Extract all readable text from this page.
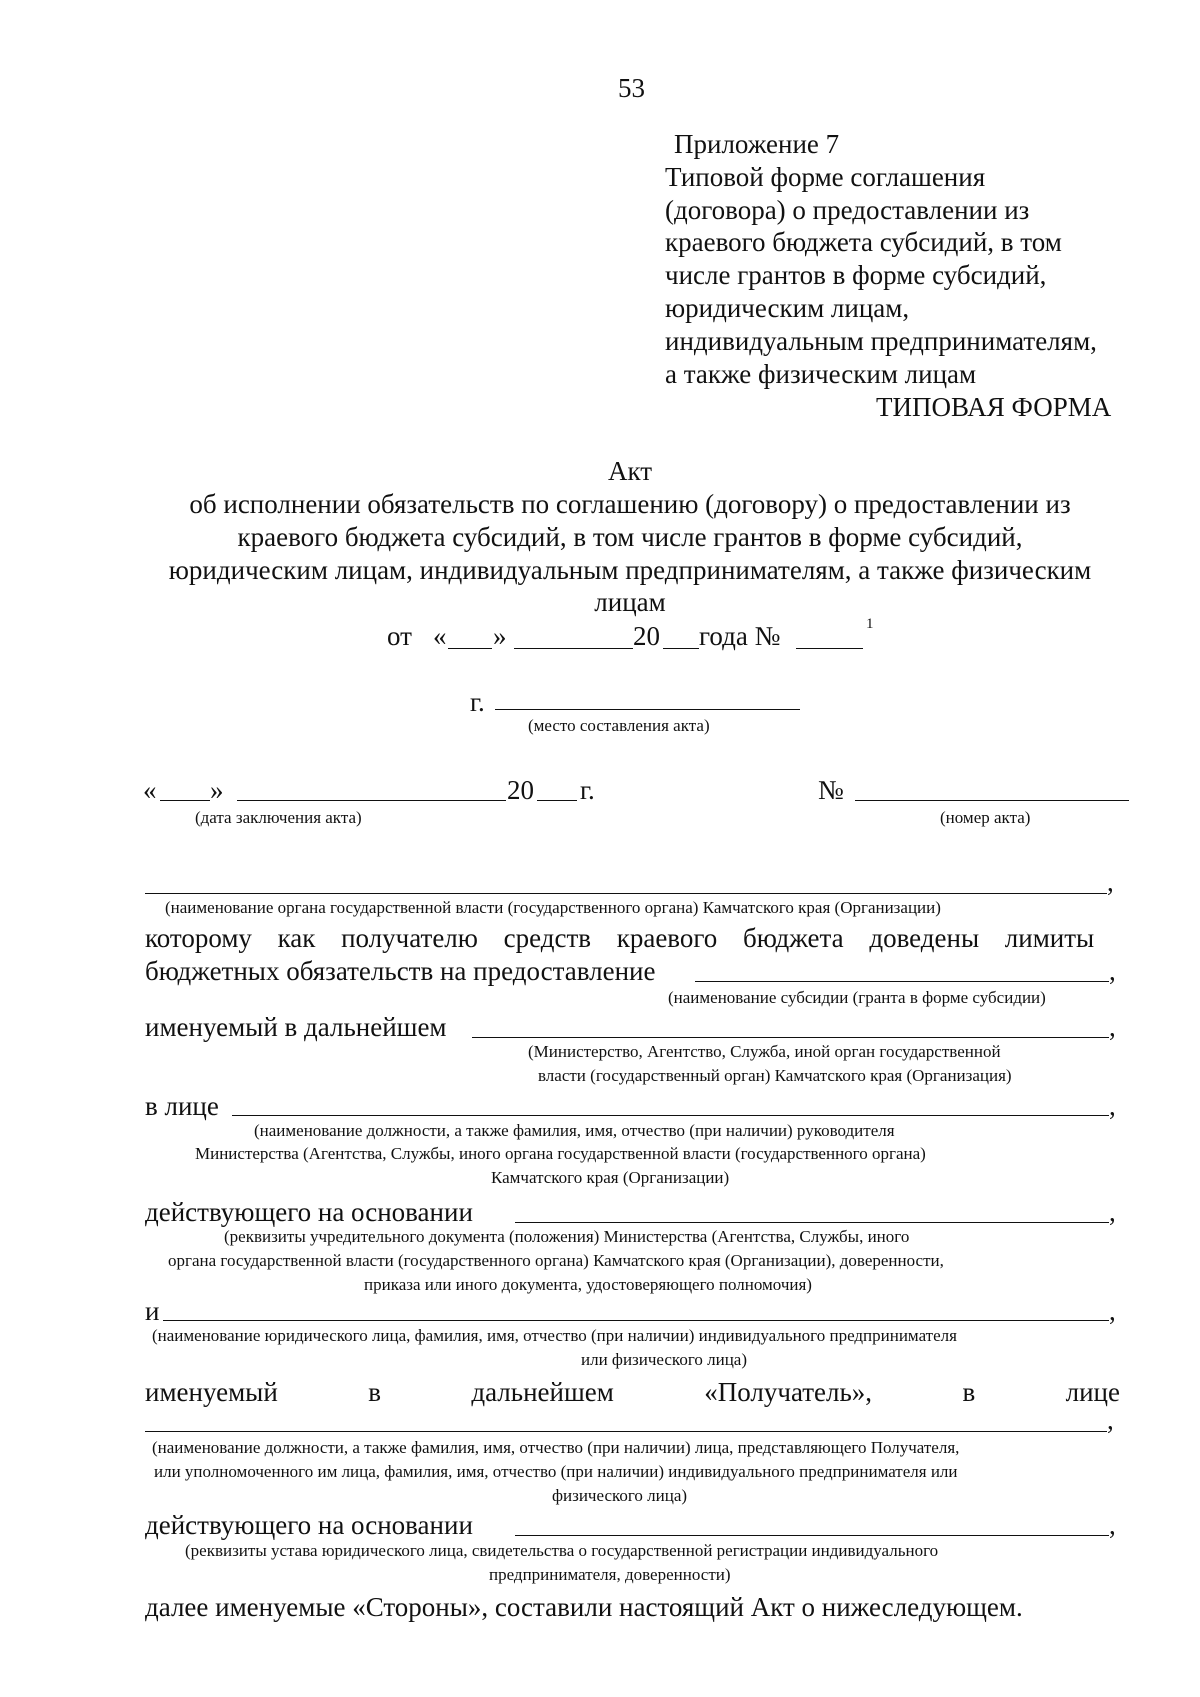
53
Приложение 7
Типовой форме соглашения
(договора) о предоставлении из
краевого бюджета субсидий, в том
числе грантов в форме субсидий,
юридическим лицам,
индивидуальным предпринимателям,
а также физическим лицам
ТИПОВАЯ ФОРМА
Акт
об исполнении обязательств по соглашению (договору) о предоставлении из
краевого бюджета субсидий, в том числе грантов в форме субсидий,
юридическим лицам, индивидуальным предпринимателям, а также физическим
лицам
от « »	20 года №	1
г.
(место составления акта)
« »	20 г.	№
(дата заключения акта)	(номер акта)
,
(наименование органа государственной власти (государственного органа) Камчатского края (Организации)
которому как получателю средств краевого бюджета доведены лимиты
бюджетных обязательств на предоставление	,
(наименование субсидии (гранта в форме субсидии)
именуемый в дальнейшем	,
(Министерство, Агентство, Служба, иной орган государственной
власти (государственный орган) Камчатского края (Организация)
в лице	,
(наименование должности, а также фамилия, имя, отчество (при наличии) руководителя
Министерства (Агентства, Службы, иного органа государственной власти (государственного органа)
Камчатского края (Организации)
действующего на основании	,
(реквизиты учредительного документа (положения) Министерства (Агентства, Службы, иного
органа государственной власти (государственного органа) Камчатского края (Организации), доверенности,
приказа или иного документа, удостоверяющего полномочия)
и	,
(наименование юридического лица, фамилия, имя, отчество (при наличии) индивидуального предпринимателя
или физического лица)
именуемый	в	дальнейшем	«Получатель»,	в	лице
,
(наименование должности, а также фамилия, имя, отчество (при наличии) лица, представляющего Получателя,
или уполномоченного им лица, фамилия, имя, отчество (при наличии) индивидуального предпринимателя или
физического лица)
действующего на основании	,
(реквизиты устава юридического лица, свидетельства о государственной регистрации индивидуального
предпринимателя, доверенности)
далее именуемые «Стороны», составили настоящий Акт о нижеследующем.
